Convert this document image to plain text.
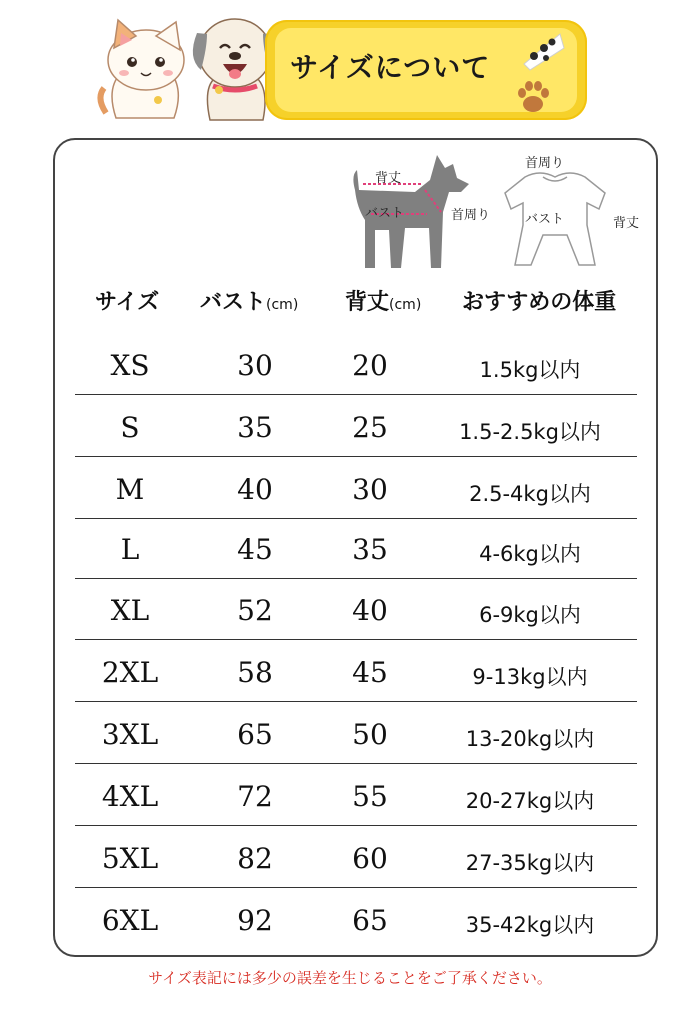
サイズについて
背丈
バスト	首周り
首周り
バスト	背丈
サイズ バスト(cm) 背丈(cm) おすすめの体重
XS	30	20	1.5kg以内
S	35	25	1.5-2.5kg以内
M	40	30	2.5-4kg以内
L	45	35	4-6kg以内
XL	52	40	6-9kg以内
2XL	58	45	9-13kg以内
3XL	65	50	13-20kg以内
4XL	72	55	20-27kg以内
5XL	82	60	27-35kg以内
6XL	92	65	35-42kg以内
サイズ表記には多少の誤差を生じることをご了承ください。
